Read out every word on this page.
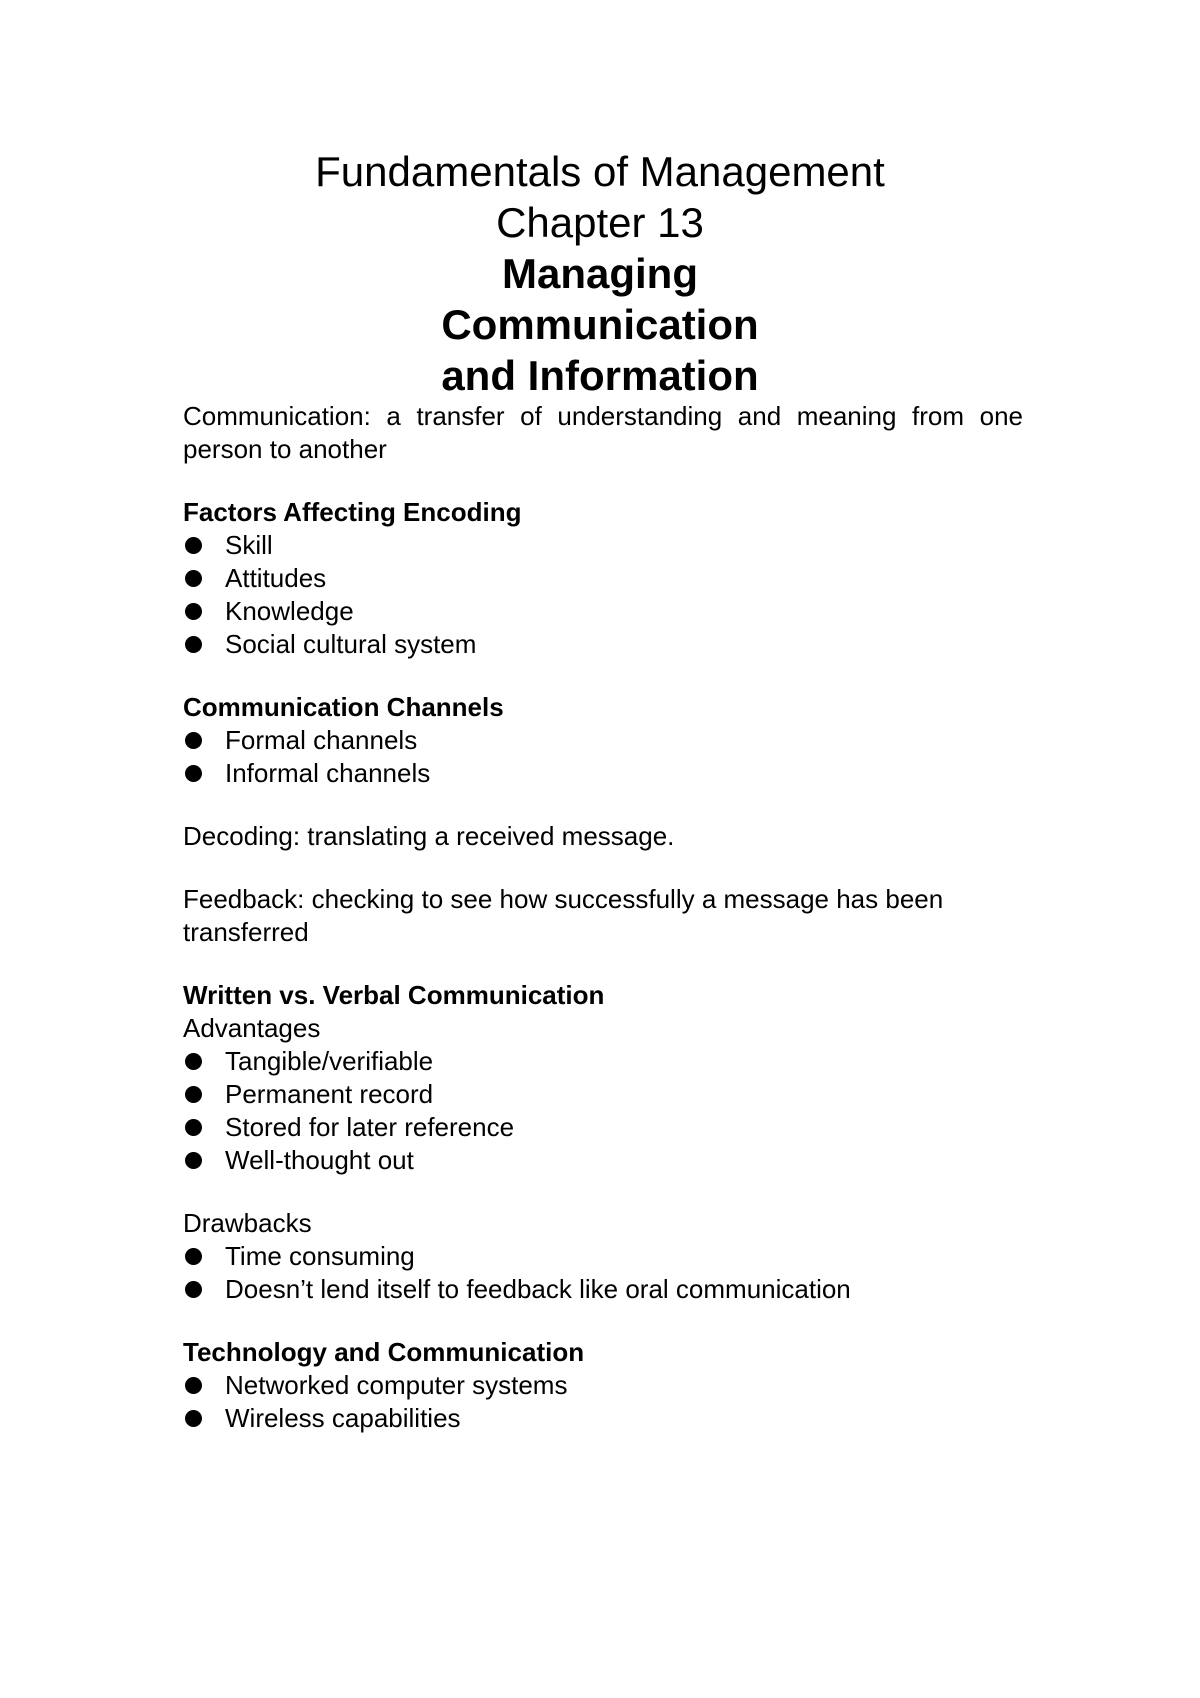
Fundamentals of Management
Chapter 13
Managing
Communication
and Information

Communication: a transfer of understanding and meaning from one person to another

Factors Affecting Encoding

Skill
Attitudes
Knowledge
Social cultural system

Communication Channels

Formal channels
Informal channels

Decoding: translating a received message.

Feedback: checking to see how successfully a message has been transferred

Written vs. Verbal Communication

Advantages

Tangible/verifiable
Permanent record
Stored for later reference
Well-thought out

Drawbacks

Time consuming
Doesn’t lend itself to feedback like oral communication

Technology and Communication

Networked computer systems
Wireless capabilities
